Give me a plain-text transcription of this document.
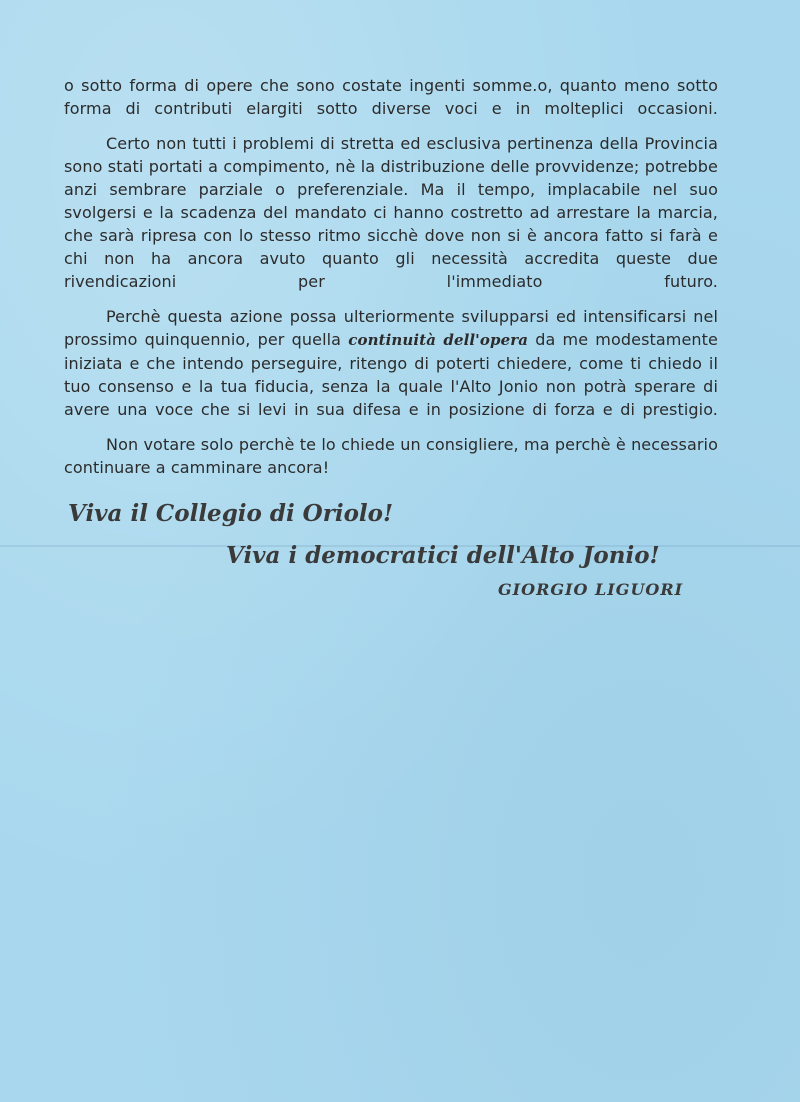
o sotto forma di opere che sono costate ingenti somme.o, quanto meno sotto forma di contributi elargiti sotto diverse voci e in molteplici occasioni.

Certo non tutti i problemi di stretta ed esclusiva pertinenza della Provincia sono stati portati a compimento, nè la distribuzione delle provvidenze; potrebbe anzi sembrare parziale o preferenziale. Ma il tempo, implacabile nel suo svolgersi e la scadenza del mandato ci hanno costretto ad arrestare la marcia, che sarà ripresa con lo stesso ritmo sicchè dove non si è ancora fatto si farà e chi non ha ancora avuto quanto gli necessità accredita queste due rivendicazioni per l'immediato futuro.

Perchè questa azione possa ulteriormente svilupparsi ed intensificarsi nel prossimo quinquennio, per quella continuità dell'opera da me modestamente iniziata e che intendo perseguire, ritengo di poterti chiedere, come ti chiedo il tuo consenso e la tua fiducia, senza la quale l'Alto Jonio non potrà sperare di avere una voce che si levi in sua difesa e in posizione di forza e di prestigio.

Non votare solo perchè te lo chiede un consigliere, ma perchè è necessario continuare a camminare ancora!

Viva il Collegio di Oriolo!
Viva i democratici dell'Alto Jonio!
GIORGIO LIGUORI
